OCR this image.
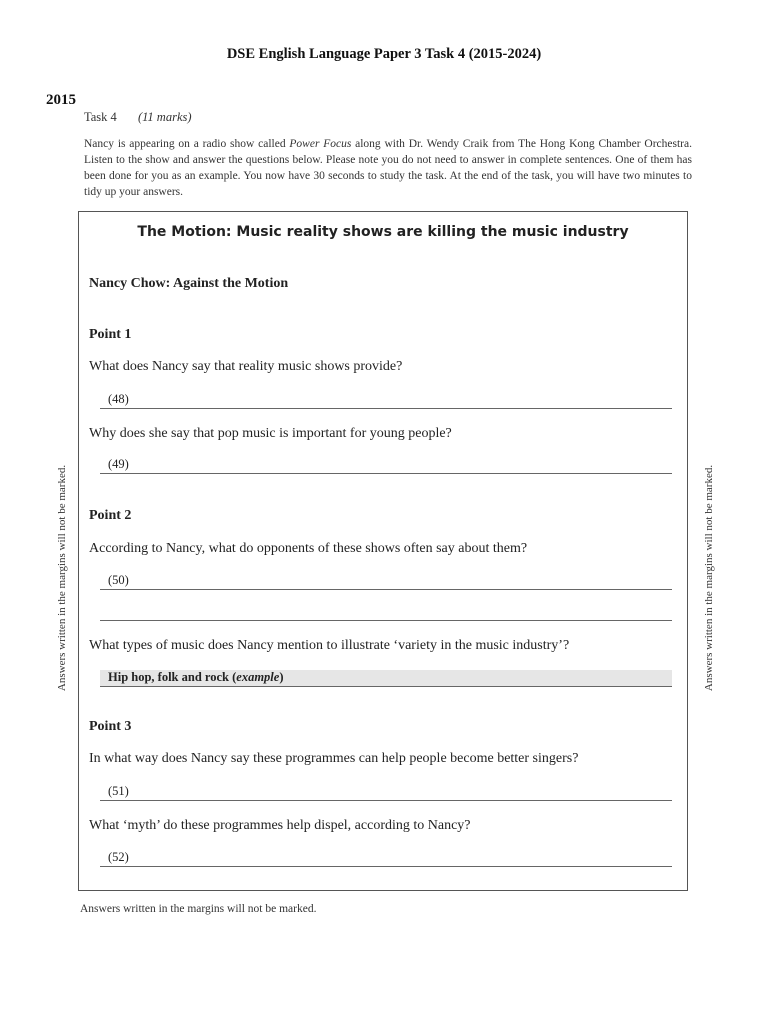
DSE English Language Paper 3 Task 4 (2015-2024)
2015
Task 4 (11 marks)
Nancy is appearing on a radio show called Power Focus along with Dr. Wendy Craik from The Hong Kong Chamber Orchestra. Listen to the show and answer the questions below. Please note you do not need to answer in complete sentences. One of them has been done for you as an example. You now have 30 seconds to study the task. At the end of the task, you will have two minutes to tidy up your answers.
The Motion: Music reality shows are killing the music industry
Nancy Chow: Against the Motion
Point 1
What does Nancy say that reality music shows provide?
(48)
Why does she say that pop music is important for young people?
(49)
Point 2
According to Nancy, what do opponents of these shows often say about them?
(50)
What types of music does Nancy mention to illustrate ‘variety in the music industry’?
Hip hop, folk and rock (example)
Point 3
In what way does Nancy say these programmes can help people become better singers?
(51)
What ‘myth’ do these programmes help dispel, according to Nancy?
(52)
Answers written in the margins will not be marked.	Answers written in the margins will not be marked.
Answers written in the margins will not be marked.
